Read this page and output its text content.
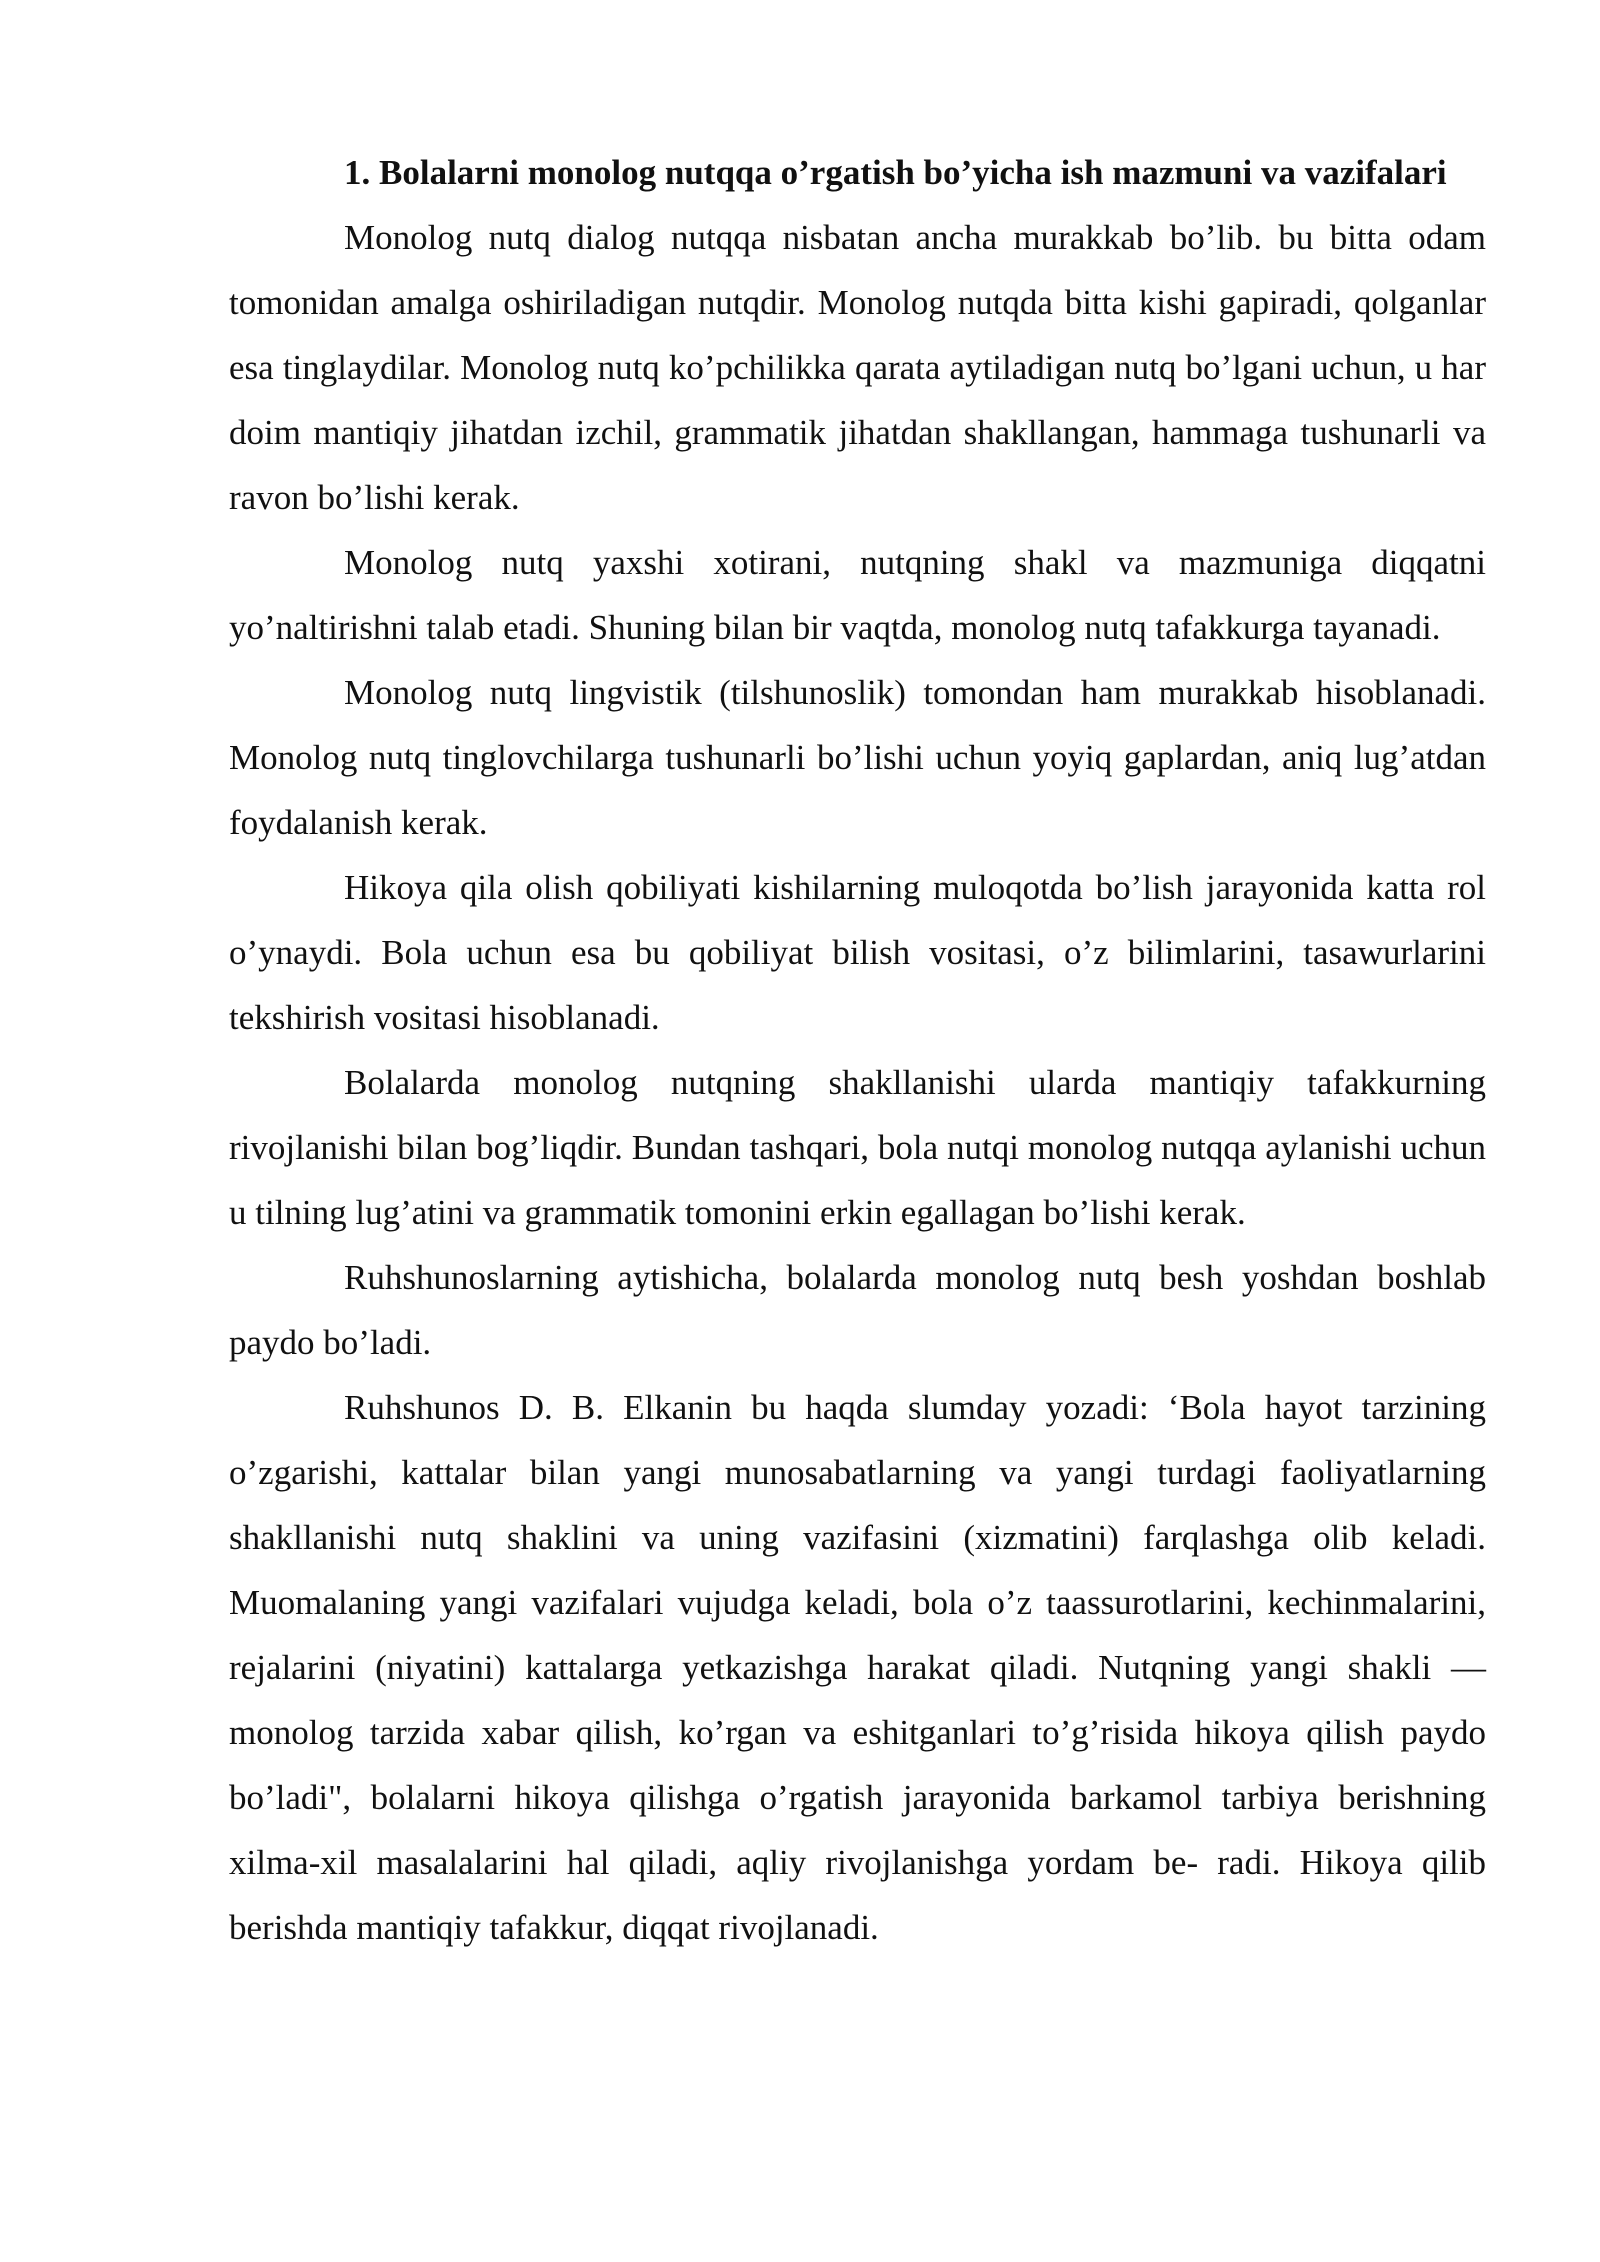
1. Bolalarni monolog nutqqa o’rgatish bo’yicha ish mazmuni va vazifalari

Monolog nutq dialog nutqqa nisbatan ancha murakkab bo’lib. bu bitta odam tomonidan amalga oshiriladigan nutqdir. Monolog nutqda bitta kishi gapiradi, qolganlar esa tinglaydilar. Monolog nutq ko’pchilikka qarata aytiladigan nutq bo’lgani uchun, u har doim mantiqiy jihatdan izchil, grammatik jihatdan shakllangan, hammaga tushunarli va ravon bo’lishi kerak.

Monolog nutq yaxshi xotirani, nutqning shakl va mazmuniga diqqatni yo’naltirishni talab etadi. Shuning bilan bir vaqtda, monolog nutq tafakkurga tayanadi.

Monolog nutq lingvistik (tilshunoslik) tomondan ham murakkab hisoblanadi. Monolog nutq tinglovchilarga tushunarli bo’lishi uchun yoyiq gaplardan, aniq lug’atdan foydalanish kerak.

Hikoya qila olish qobiliyati kishilarning muloqotda bo’lish jarayonida katta rol o’ynaydi. Bola uchun esa bu qobiliyat bilish vositasi, o’z bilimlarini, tasawurlarini tekshirish vositasi hisoblanadi.

Bolalarda monolog nutqning shakllanishi ularda mantiqiy tafakkurning rivojlanishi bilan bog’liqdir. Bundan tashqari, bola nutqi monolog nutqqa aylanishi uchun u tilning lug’atini va grammatik tomonini erkin egallagan bo’lishi kerak.

Ruhshunoslarning aytishicha, bolalarda monolog nutq besh yoshdan boshlab paydo bo’ladi.

Ruhshunos D. B. Elkanin bu haqda slumday yozadi: ‘Bola hayot tarzining o’zgarishi, kattalar bilan yangi munosabatlarning va yangi turdagi faoliyatlarning shakllanishi nutq shaklini va uning vazifasini (xizmatini) farqlashga olib keladi. Muomalaning yangi vazifalari vujudga keladi, bola o’z taassurotlarini, kechinmalarini, rejalarini (niyatini) kattalarga yetkazishga harakat qiladi. Nutqning yangi shakli — monolog tarzida xabar qilish, ko’rgan va eshitganlari to’g’risida hikoya qilish paydo bo’ladi", bolalarni hikoya qilishga o’rgatish jarayonida barkamol tarbiya berishning xilma-xil masalalarini hal qiladi, aqliy rivojlanishga yordam be- radi. Hikoya qilib berishda mantiqiy tafakkur, diqqat rivojlanadi.
